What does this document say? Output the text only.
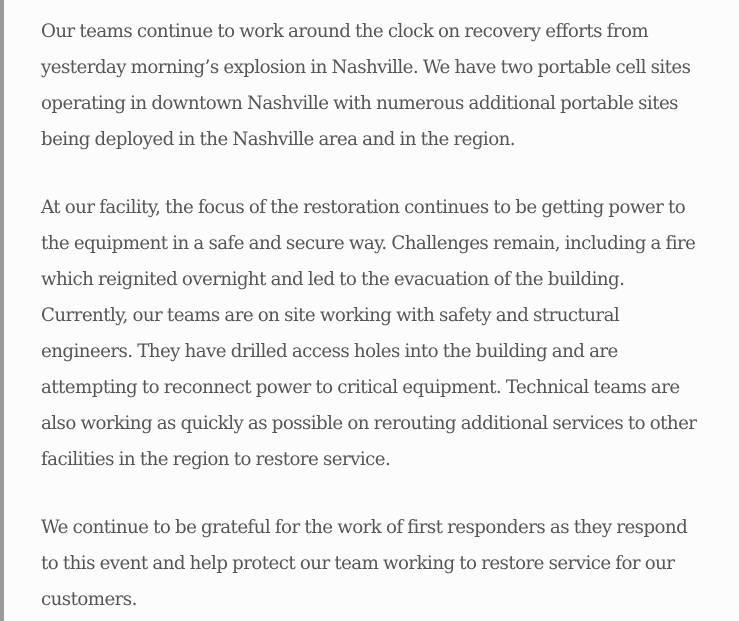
Our teams continue to work around the clock on recovery efforts from
yesterday morning’s explosion in Nashville. We have two portable cell sites
operating in downtown Nashville with numerous additional portable sites
being deployed in the Nashville area and in the region.

At our facility, the focus of the restoration continues to be getting power to
the equipment in a safe and secure way. Challenges remain, including a fire
which reignited overnight and led to the evacuation of the building.
Currently, our teams are on site working with safety and structural
engineers. They have drilled access holes into the building and are
attempting to reconnect power to critical equipment. Technical teams are
also working as quickly as possible on rerouting additional services to other
facilities in the region to restore service.

We continue to be grateful for the work of first responders as they respond
to this event and help protect our team working to restore service for our
customers.
